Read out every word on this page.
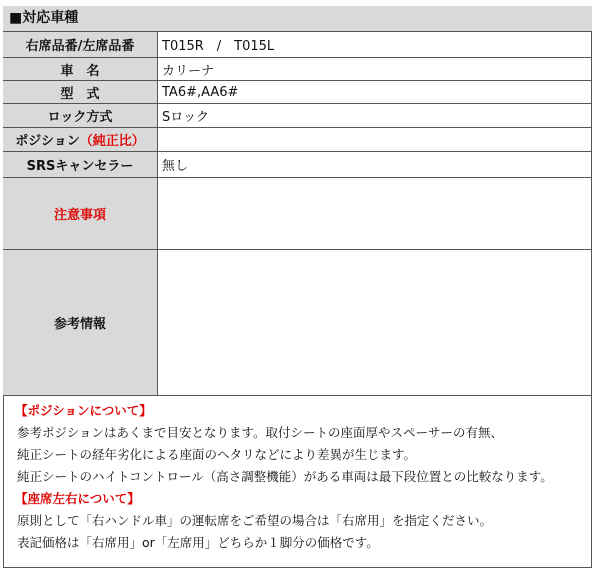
■対応車種
右席品番/左席品番	T015R　/　T015L
車　名	カリーナ
型　式	TA6#,AA6#
ロック方式	Sロック
ポジション （純正比）
SRSキャンセラー	無し
注意事項
参考情報
【ポジションについて】
参考ポジションはあくまで目安となります。取付シートの座面厚やスペーサーの有無、
純正シートの経年劣化による座面のヘタリなどにより差異が生じます。
純正シートのハイトコントロール（高さ調整機能）がある車両は最下段位置との比較なります。
【座席左右について】
原則として「右ハンドル車」の運転席をご希望の場合は「右席用」を指定ください。
表記価格は「右席用」or「左席用」どちらか１脚分の価格です。
